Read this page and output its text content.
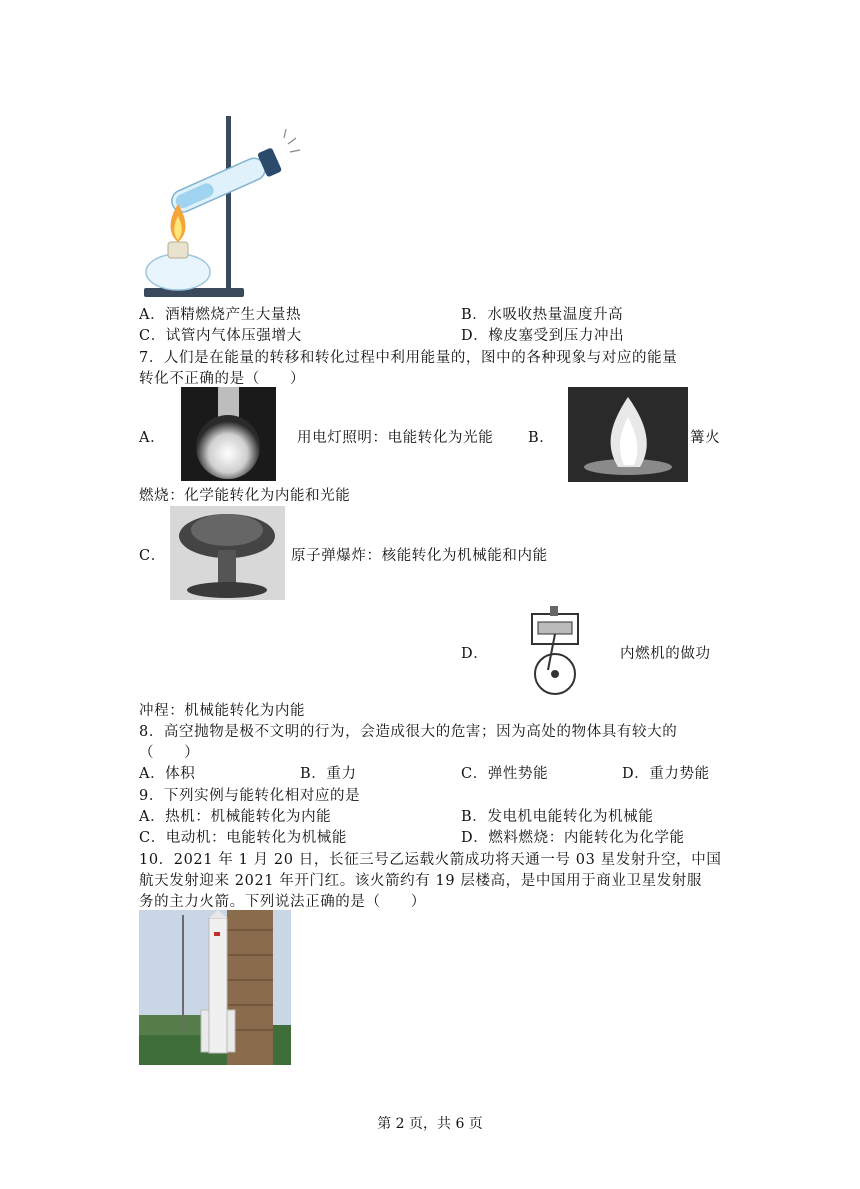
A．酒精燃烧产生大量热	B．水吸收热量温度升高
C．试管内气体压强增大	D．橡皮塞受到压力冲出
7．人们是在能量的转移和转化过程中利用能量的，图中的各种现象与对应的能量
转化不正确的是（　　）
A．	用电灯照明：电能转化为光能 B．	篝火
燃烧：化学能转化为内能和光能
C．	原子弹爆炸：核能转化为机械能和内能
D．	内燃机的做功
冲程：机械能转化为内能
8．高空抛物是极不文明的行为，会造成很大的危害；因为高处的物体具有较大的
（　　）
A．体积	B．重力	C．弹性势能	D．重力势能
9．下列实例与能转化相对应的是
A．热机：机械能转化为内能	B．发电机电能转化为机械能
C．电动机：电能转化为机械能	D．燃料燃烧：内能转化为化学能
10．2021 年 1 月 20 日，长征三号乙运载火箭成功将天通一号 03 星发射升空，中国
航天发射迎来 2021 年开门红。该火箭约有 19 层楼高，是中国用于商业卫星发射服
务的主力火箭。下列说法正确的是（　　）
第 2 页，共 6 页
